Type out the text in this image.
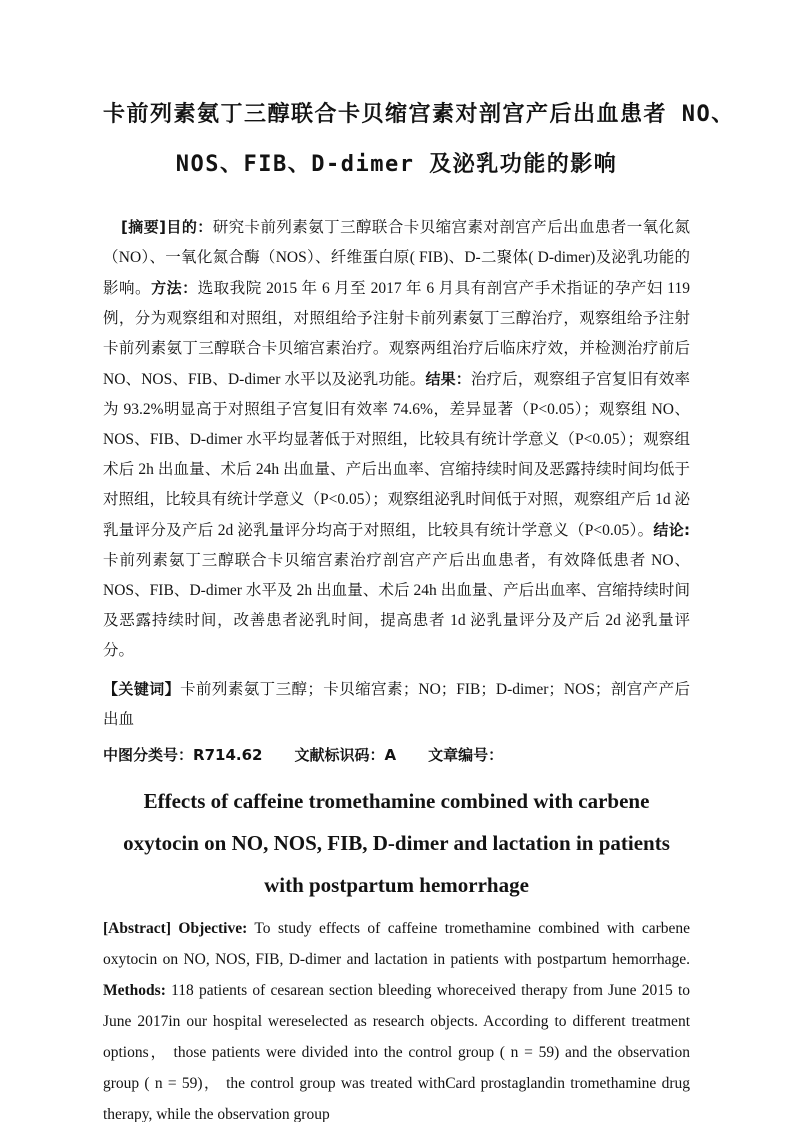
卡前列素氨丁三醇联合卡贝缩宫素对剖宫产后出血患者 NO、
NOS、FIB、D-dimer 及泌乳功能的影响

[摘要]目的：研究卡前列素氨丁三醇联合卡贝缩宫素对剖宫产后出血患者一氧化氮（NO）、一氧化氮合酶（NOS）、纤维蛋白原( FIB)、D-二聚体( D-dimer)及泌乳功能的影响。方法：选取我院 2015 年 6 月至 2017 年 6 月具有剖宫产手术指证的孕产妇 119 例，分为观察组和对照组，对照组给予注射卡前列素氨丁三醇治疗，观察组给予注射卡前列素氨丁三醇联合卡贝缩宫素治疗。观察两组治疗后临床疗效，并检测治疗前后 NO、NOS、FIB、D-dimer 水平以及泌乳功能。结果：治疗后，观察组子宫复旧有效率为 93.2%明显高于对照组子宫复旧有效率 74.6%，差异显著（P<0.05）；观察组 NO、NOS、FIB、D-dimer 水平均显著低于对照组，比较具有统计学意义（P<0.05）；观察组术后 2h 出血量、术后 24h 出血量、产后出血率、宫缩持续时间及恶露持续时间均低于对照组，比较具有统计学意义（P<0.05）；观察组泌乳时间低于对照，观察组产后 1d 泌乳量评分及产后 2d 泌乳量评分均高于对照组，比较具有统计学意义（P<0.05）。结论:卡前列素氨丁三醇联合卡贝缩宫素治疗剖宫产产后出血患者，有效降低患者 NO、NOS、FIB、D-dimer 水平及 2h 出血量、术后 24h 出血量、产后出血率、宫缩持续时间及恶露持续时间，改善患者泌乳时间，提高患者 1d 泌乳量评分及产后 2d 泌乳量评分。

【关键词】卡前列素氨丁三醇；卡贝缩宫素；NO；FIB；D-dimer；NOS；剖宫产产后出血

中图分类号：R714.62 文献标识码：A 文章编号：

Effects of caffeine tromethamine combined with carbene oxytocin on NO, NOS, FIB, D-dimer and lactation in patients with postpartum hemorrhage

[Abstract] Objective: To study effects of caffeine tromethamine combined with carbene oxytocin on NO, NOS, FIB, D-dimer and lactation in patients with postpartum hemorrhage. Methods: 118 patients of cesarean section bleeding whoreceived therapy from June 2015 to June 2017in our hospital wereselected as research objects. According to different treatment options， those patients were divided into the control group ( n = 59) and the observation group ( n = 59)， the control group was treated withCard prostaglandin tromethamine drug therapy, while the observation group
